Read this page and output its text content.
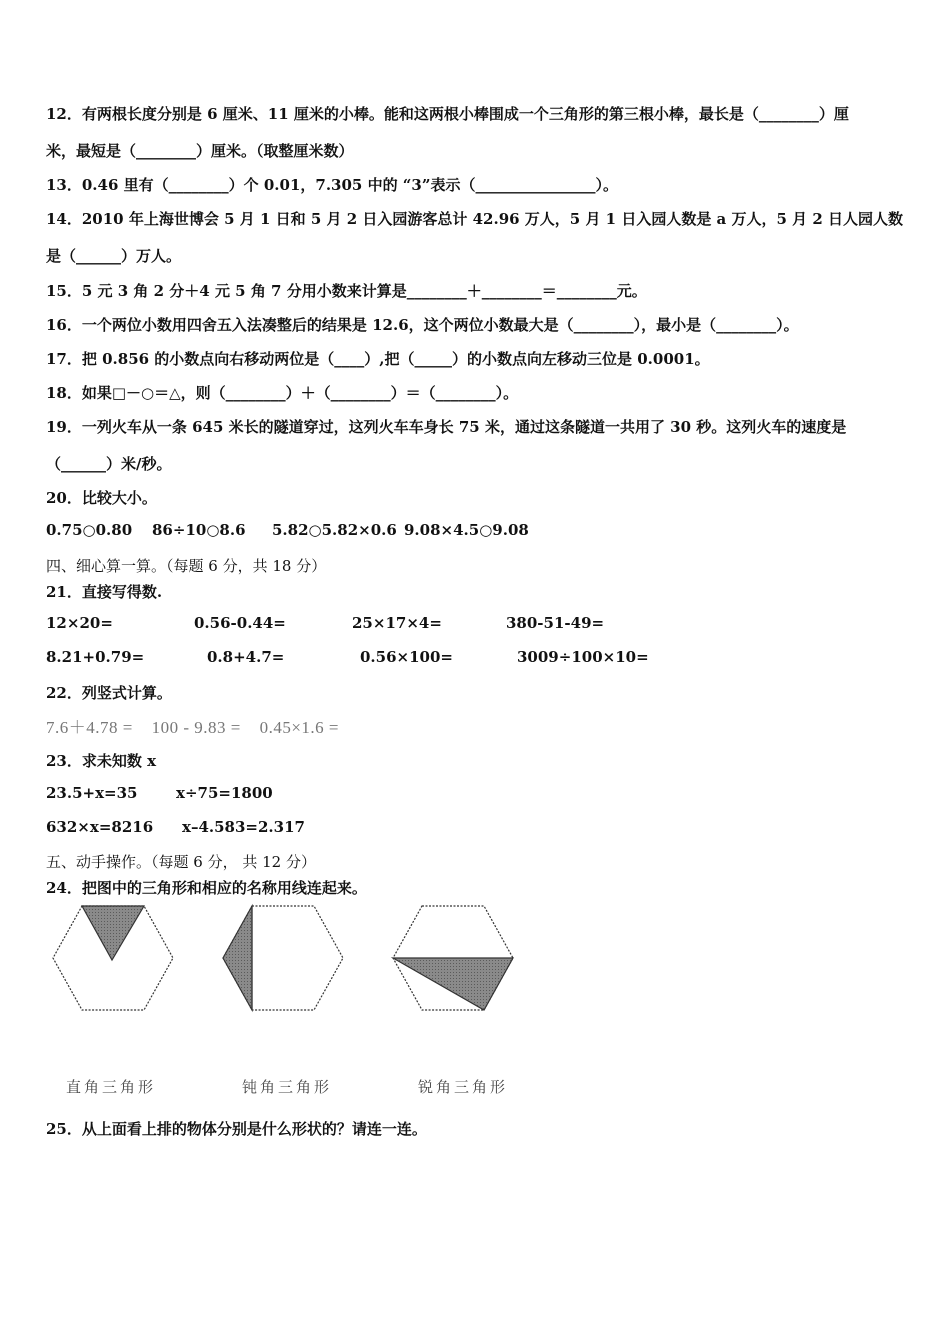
12．有两根长度分别是 6 厘米、11 厘米的小棒。能和这两根小棒围成一个三角形的第三根小棒，最长是（________）厘
米，最短是（________）厘米。（取整厘米数）
13．0.46 里有（________）个 0.01，7.305 中的 “3”表示（________________）。
14．2010 年上海世博会 5 月 1 日和 5 月 2 日入园游客总计 42.96 万人，5 月 1 日入园人数是 a 万人，5 月 2 日人园人数
是（______）万人。
15．5 元 3 角 2 分＋4 元 5 角 7 分用小数来计算是________＋________＝________元。
16．一个两位小数用四舍五入法凑整后的结果是 12.6，这个两位小数最大是（________），最小是（________）。
17．把 0.856 的小数点向右移动两位是（____）,把（_____）的小数点向左移动三位是 0.0001。
18．如果□－○＝△，则（________）＋（________）＝（________）。
19．一列火车从一条 645 米长的隧道穿过，这列火车车身长 75 米，通过这条隧道一共用了 30 秒。这列火车的速度是
（______）米/秒。
20．比较大小。
0.75○0.80 86÷10○8.6 5.82○5.82×0.6 9.08×4.5○9.08
四、细心算一算。（每题 6 分，共 18 分）
21．直接写得数.
12×20=	0.56-0.44=	25×17×4=	380-51-49=
8.21+0.79=	0.8+4.7=	0.56×100=	3009÷100×10=
22．列竖式计算。
7.6＋4.78 = 100 - 9.83 = 0.45×1.6 =
23．求未知数 x
23.5+x=35	x÷75=1800
632×x=8216 x–4.583=2.317
五、动手操作。（每题 6 分， 共 12 分）
24．把图中的三角形和相应的名称用线连起来。
直角三角形	钝角三角形	锐角三角形
25．从上面看上排的物体分别是什么形状的？请连一连。
